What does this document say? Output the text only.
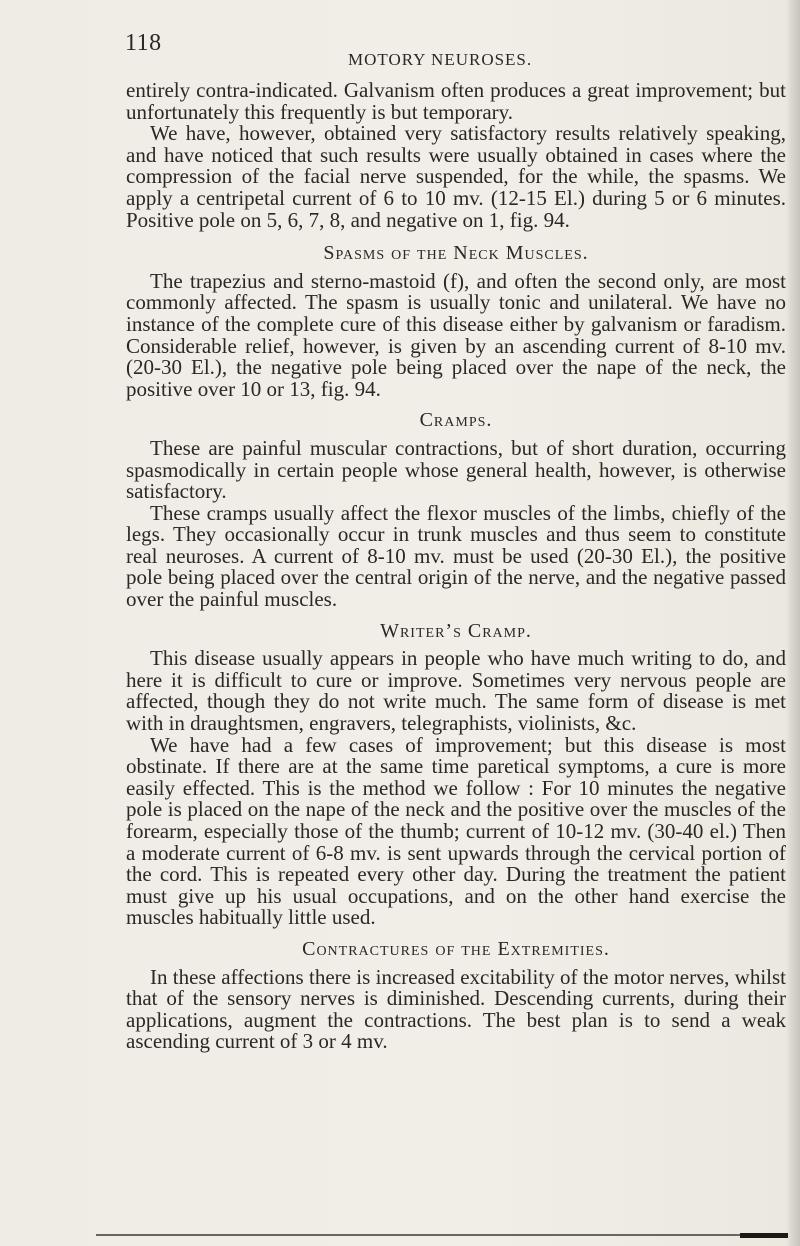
118
MOTORY NEUROSES.

entirely contra-indicated. Galvanism often produces a great improvement; but unfortunately this frequently is but temporary.

We have, however, obtained very satisfactory results relatively speaking, and have noticed that such results were usually obtained in cases where the compression of the facial nerve suspended, for the while, the spasms. We apply a centripetal current of 6 to 10 mv. (12-15 El.) during 5 or 6 minutes. Positive pole on 5, 6, 7, 8, and negative on 1, fig. 94.

Spasms of the Neck Muscles.

The trapezius and sterno-mastoid (f), and often the second only, are most commonly affected. The spasm is usually tonic and unilateral. We have no instance of the complete cure of this disease either by galvanism or faradism. Considerable relief, however, is given by an ascending current of 8-10 mv. (20-30 El.), the negative pole being placed over the nape of the neck, the positive over 10 or 13, fig. 94.

Cramps.

These are painful muscular contractions, but of short duration, occurring spasmodically in certain people whose general health, however, is otherwise satisfactory.

These cramps usually affect the flexor muscles of the limbs, chiefly of the legs. They occasionally occur in trunk muscles and thus seem to constitute real neuroses. A current of 8-10 mv. must be used (20-30 El.), the positive pole being placed over the central origin of the nerve, and the negative passed over the painful muscles.

Writer’s Cramp.

This disease usually appears in people who have much writing to do, and here it is difficult to cure or improve. Sometimes very nervous people are affected, though they do not write much. The same form of disease is met with in draughtsmen, engravers, telegraphists, violinists, &c.

We have had a few cases of improvement; but this disease is most obstinate. If there are at the same time paretical symptoms, a cure is more easily effected. This is the method we follow : For 10 minutes the negative pole is placed on the nape of the neck and the positive over the muscles of the forearm, especially those of the thumb; current of 10-12 mv. (30-40 el.) Then a moderate current of 6-8 mv. is sent upwards through the cervical portion of the cord. This is repeated every other day. During the treatment the patient must give up his usual occupations, and on the other hand exercise the muscles habitually little used.

Contractures of the Extremities.

In these affections there is increased excitability of the motor nerves, whilst that of the sensory nerves is diminished. Descending currents, during their applications, augment the contractions. The best plan is to send a weak ascending current of 3 or 4 mv.
